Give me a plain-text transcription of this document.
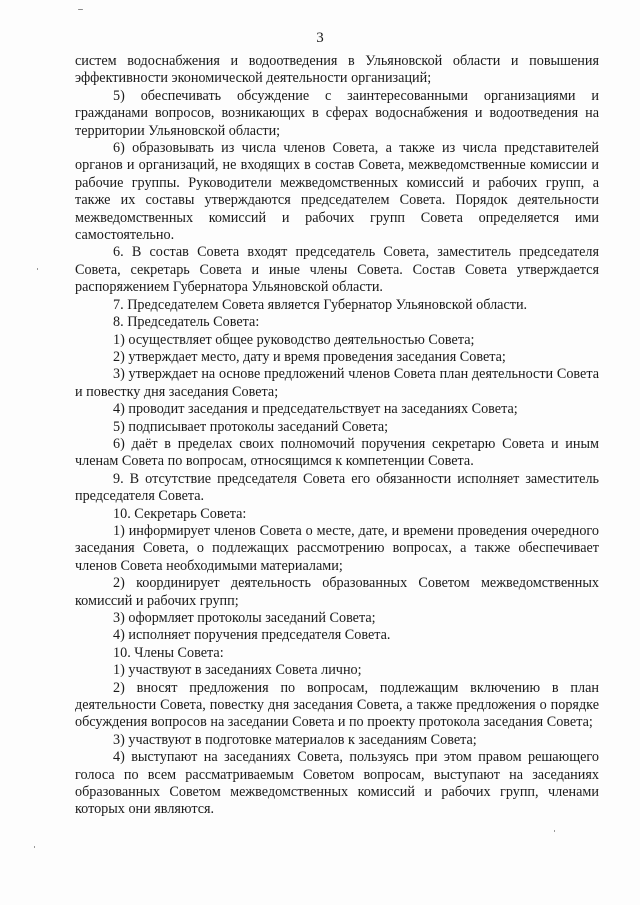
3

систем водоснабжения и водоотведения в Ульяновской области и повышения эффективности экономической деятельности организаций;

5) обеспечивать обсуждение с заинтересованными организациями и гражданами вопросов, возникающих в сферах водоснабжения и водоотведения на территории Ульяновской области;

6) образовывать из числа членов Совета, а также из числа представителей органов и организаций, не входящих в состав Совета, межведомственные комиссии и рабочие группы. Руководители межведомственных комиссий и рабочих групп, а также их составы утверждаются председателем Совета. Порядок деятельности межведомственных комиссий и рабочих групп Совета определяется ими самостоятельно.

6. В состав Совета входят председатель Совета, заместитель председателя Совета, секретарь Совета и иные члены Совета. Состав Совета утверждается распоряжением Губернатора Ульяновской области.

7. Председателем Совета является Губернатор Ульяновской области.

8. Председатель Совета:

1) осуществляет общее руководство деятельностью Совета;

2) утверждает место, дату и время проведения заседания Совета;

3) утверждает на основе предложений членов Совета план деятельности Совета и повестку дня заседания Совета;

4) проводит заседания и председательствует на заседаниях Совета;

5) подписывает протоколы заседаний Совета;

6) даёт в пределах своих полномочий поручения секретарю Совета и иным членам Совета по вопросам, относящимся к компетенции Совета.

9. В отсутствие председателя Совета его обязанности исполняет заместитель председателя Совета.

10. Секретарь Совета:

1) информирует членов Совета о месте, дате, и времени проведения очередного заседания Совета, о подлежащих рассмотрению вопросах, а также обеспечивает членов Совета необходимыми материалами;

2) координирует деятельность образованных Советом межведомственных комиссий и рабочих групп;

3) оформляет протоколы заседаний Совета;

4) исполняет поручения председателя Совета.

10. Члены Совета:

1) участвуют в заседаниях Совета лично;

2) вносят предложения по вопросам, подлежащим включению в план деятельности Совета, повестку дня заседания Совета, а также предложения о порядке обсуждения вопросов на заседании Совета и по проекту протокола заседания Совета;

3) участвуют в подготовке материалов к заседаниям Совета;

4) выступают на заседаниях Совета, пользуясь при этом правом решающего голоса по всем рассматриваемым Советом вопросам, выступают на заседаниях образованных Советом межведомственных комиссий и рабочих групп, членами которых они являются.
